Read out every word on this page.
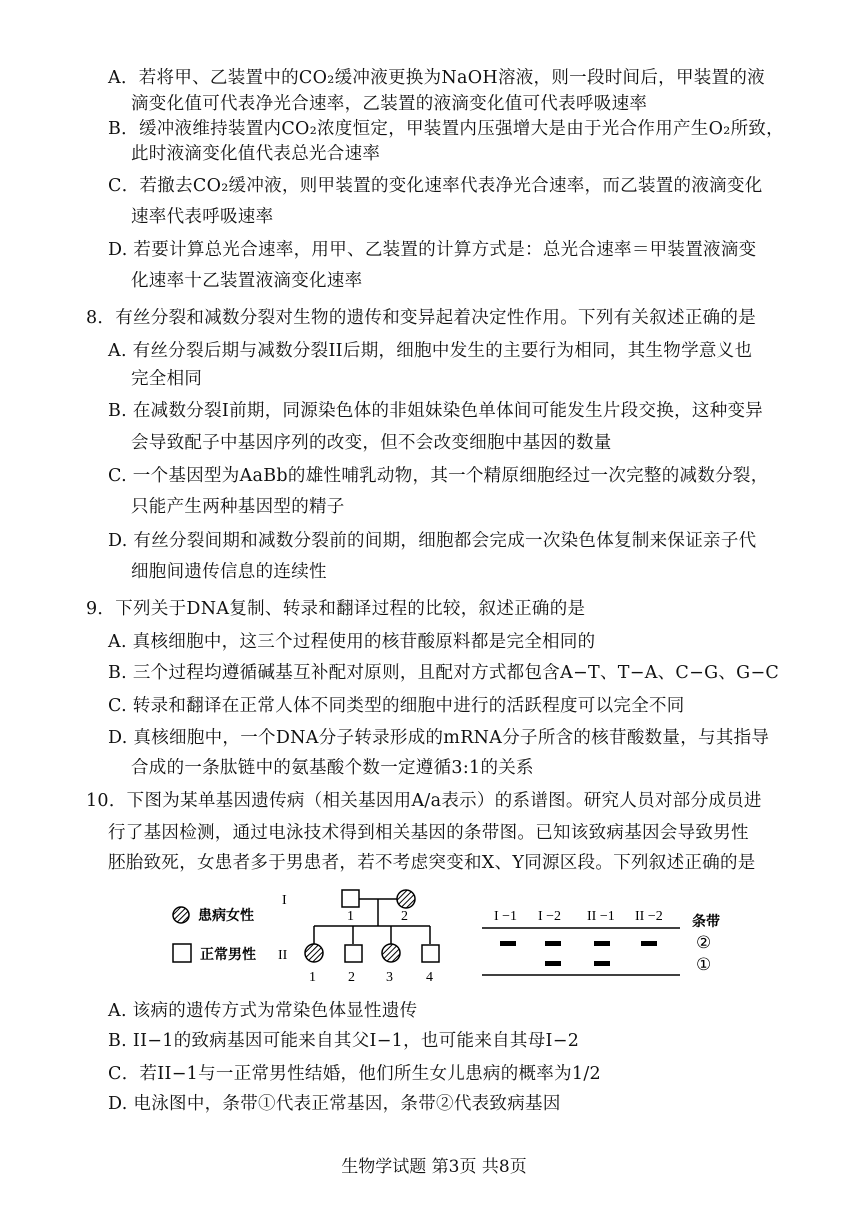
A．若将甲、乙装置中的CO₂缓冲液更换为NaOH溶液，则一段时间后，甲装置的液
滴变化值可代表净光合速率，乙装置的液滴变化值可代表呼吸速率
B．缓冲液维持装置内CO₂浓度恒定，甲装置内压强增大是由于光合作用产生O₂所致，
此时液滴变化值代表总光合速率
C．若撤去CO₂缓冲液，则甲装置的变化速率代表净光合速率，而乙装置的液滴变化
速率代表呼吸速率
D. 若要计算总光合速率，用甲、乙装置的计算方式是：总光合速率＝甲装置液滴变
化速率十乙装置液滴变化速率
8．有丝分裂和减数分裂对生物的遗传和变异起着决定性作用。下列有关叙述正确的是
A. 有丝分裂后期与减数分裂II后期，细胞中发生的主要行为相同，其生物学意义也
完全相同
B. 在减数分裂I前期，同源染色体的非姐妹染色单体间可能发生片段交换，这种变异
会导致配子中基因序列的改变，但不会改变细胞中基因的数量
C. 一个基因型为AaBb的雄性哺乳动物，其一个精原细胞经过一次完整的减数分裂，
只能产生两种基因型的精子
D. 有丝分裂间期和减数分裂前的间期，细胞都会完成一次染色体复制来保证亲子代
细胞间遗传信息的连续性
9．下列关于DNA复制、转录和翻译过程的比较，叙述正确的是
A. 真核细胞中，这三个过程使用的核苷酸原料都是完全相同的
B. 三个过程均遵循碱基互补配对原则，且配对方式都包含A−T、T−A、C−G、G−C
C. 转录和翻译在正常人体不同类型的细胞中进行的活跃程度可以完全不同
D. 真核细胞中，一个DNA分子转录形成的mRNA分子所含的核苷酸数量，与其指导
合成的一条肽链中的氨基酸个数一定遵循3:1的关系
10．下图为某单基因遗传病（相关基因用A/a表示）的系谱图。研究人员对部分成员进
行了基因检测，通过电泳技术得到相关基因的条带图。已知该致病基因会导致男性
胚胎致死，女患者多于男患者，若不考虑突变和X、Y同源区段。下列叙述正确的是
患病女性
正常男性
I
II
1	2
1 2 3 4
I −1 I −2 II −1 II −2 条带
②
①
A. 该病的遗传方式为常染色体显性遗传
B. II−1的致病基因可能来自其父I−1，也可能来自其母I−2
C．若II−1与一正常男性结婚，他们所生女儿患病的概率为1/2
D. 电泳图中，条带①代表正常基因，条带②代表致病基因
生物学试题 第3页 共8页
